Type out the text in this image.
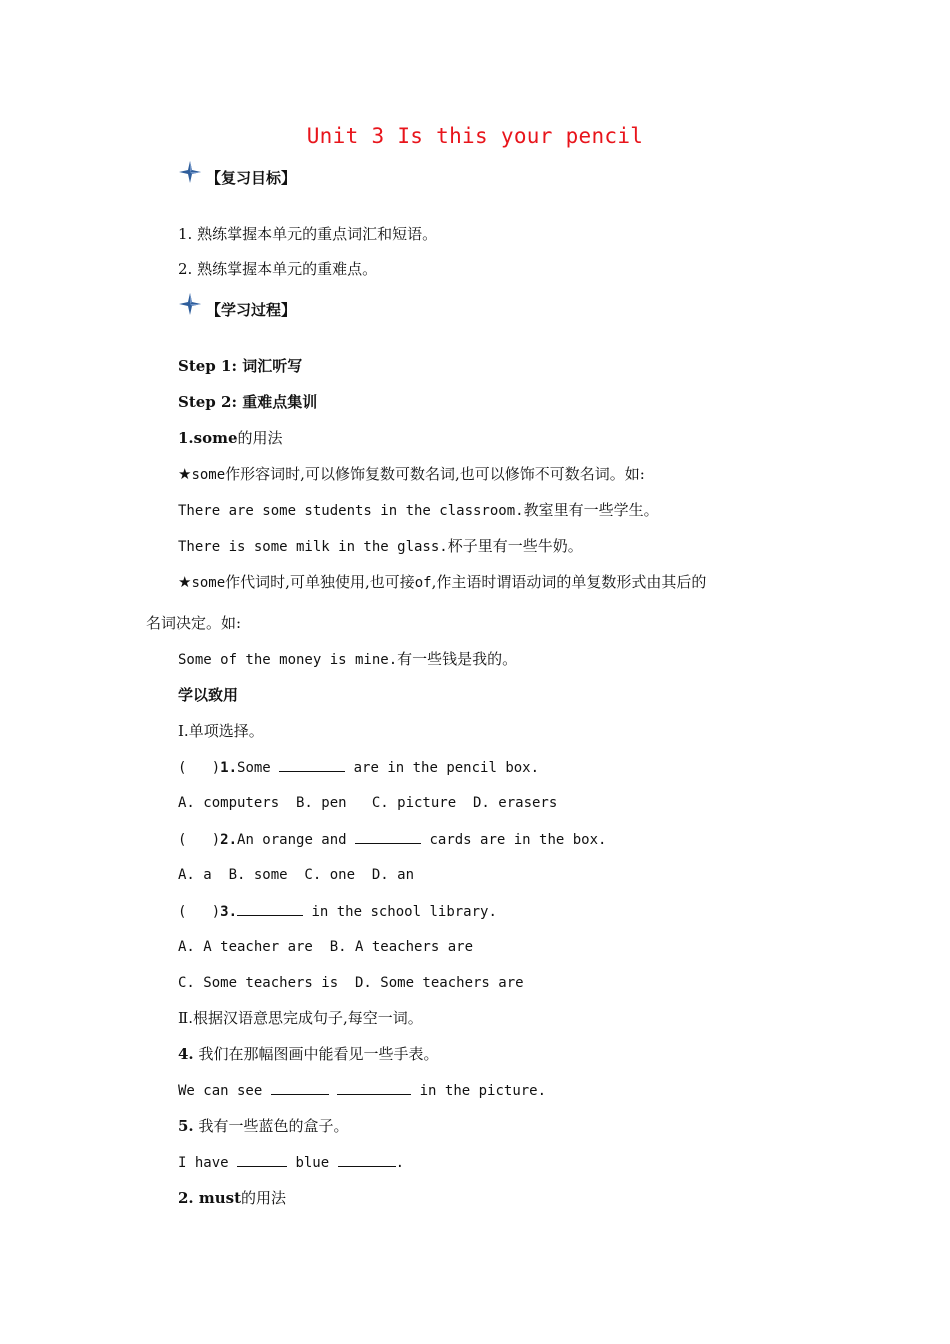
Unit 3 Is this your pencil
【复习目标】
1. 熟练掌握本单元的重点词汇和短语。
2. 熟练掌握本单元的重难点。
【学习过程】
Step 1: 词汇听写
Step 2: 重难点集训
1.some的用法
★some作形容词时,可以修饰复数可数名词,也可以修饰不可数名词。如:
There are some students in the classroom.教室里有一些学生。
There is some milk in the glass.杯子里有一些牛奶。
★some作代词时,可单独使用,也可接of,作主语时谓语动词的单复数形式由其后的
名词决定。如:
Some of the money is mine.有一些钱是我的。
学以致用
Ⅰ.单项选择。
(   )1.Some	are in the pencil box.
A. computers  B. pen   C. picture  D. erasers
(   )2.An orange and	cards are in the box.
A. a  B. some  C. one  D. an
(   )3.	in the school library.
A. A teacher are  B. A teachers are
C. Some teachers is  D. Some teachers are
Ⅱ.根据汉语意思完成句子,每空一词。
4. 我们在那幅图画中能看见一些手表。
We can see	in the picture.
5. 我有一些蓝色的盒子。
I have	blue	.
2. must的用法
